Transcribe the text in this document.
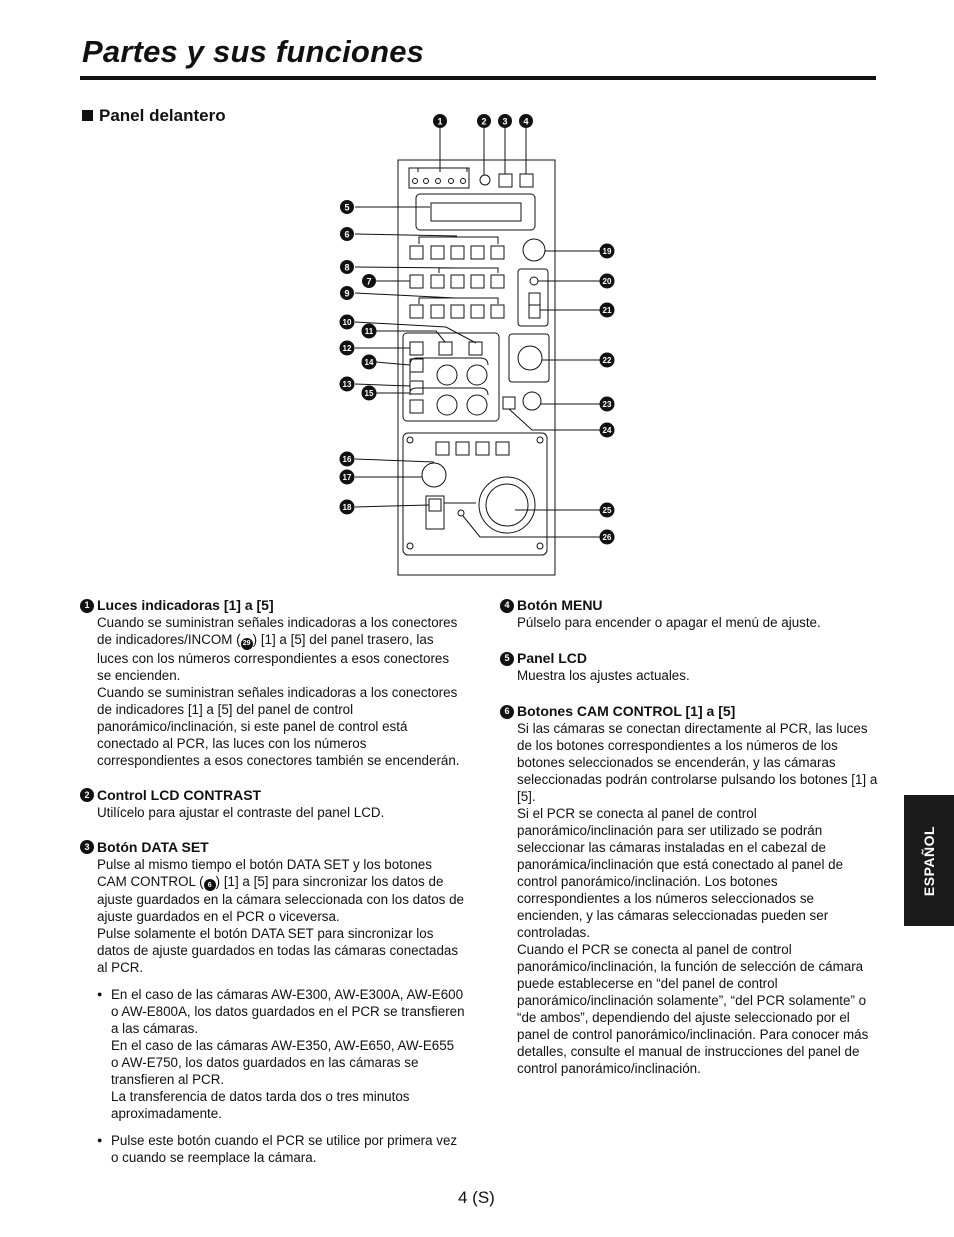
Partes y sus funciones
Panel delantero	1	2 3 4
5
6
7
8
9
10
11
12
13
14
15
16
17
18
19
20
21
22
23
24
25
26
1 Luces indicadoras [1] a [5]

Cuando se suministran señales indicadoras a los conectores de indicadores/INCOM ( 29 ) [1] a [5] del panel trasero, las luces con los números correspondientes a esos conectores se encienden.

Cuando se suministran señales indicadoras a los conectores de indicadores [1] a [5] del panel de control panorámico/inclinación, si este panel de control está conectado al PCR, las luces con los números correspondientes a esos conectores también se encenderán.

2 Control LCD CONTRAST

Utilícelo para ajustar el contraste del panel LCD.

3 Botón DATA SET

Pulse al mismo tiempo el botón DATA SET y los botones CAM CONTROL ( 6 ) [1] a [5] para sincronizar los datos de ajuste guardados en la cámara seleccionada con los datos de ajuste guardados en el PCR o viceversa.

Pulse solamente el botón DATA SET para sincronizar los datos de ajuste guardados en todas las cámaras conectadas al PCR.

● En el caso de las cámaras AW-E300, AW-E300A, AW-E600 o AW-E800A, los datos guardados en el PCR se transfieren a las cámaras.
En el caso de las cámaras AW-E350, AW-E650, AW-E655 o AW-E750, los datos guardados en las cámaras se transfieren al PCR.
La transferencia de datos tarda dos o tres minutos aproximadamente.
● Pulse este botón cuando el PCR se utilice por primera vez o cuando se reemplace la cámara.
4 Botón MENU

Púlselo para encender o apagar el menú de ajuste.

5 Panel LCD

Muestra los ajustes actuales.

6 Botones CAM CONTROL [1] a [5]

Si las cámaras se conectan directamente al PCR, las luces de los botones correspondientes a los números de los botones seleccionados se encenderán, y las cámaras seleccionadas podrán controlarse pulsando los botones [1] a [5].

Si el PCR se conecta al panel de control panorámico/inclinación para ser utilizado se podrán seleccionar las cámaras instaladas en el cabezal de panorámica/inclinación que está conectado al panel de control panorámico/inclinación. Los botones correspondientes a los números seleccionados se encienden, y las cámaras seleccionadas pueden ser controladas.

Cuando el PCR se conecta al panel de control panorámico/inclinación, la función de selección de cámara puede establecerse en “del panel de control panorámico/inclinación solamente”, “del PCR solamente” o “de ambos”, dependiendo del ajuste seleccionado por el panel de control panorámico/inclinación. Para conocer más detalles, consulte el manual de instrucciones del panel de control panorámico/inclinación.

ESPAÑOL
4 (S)
